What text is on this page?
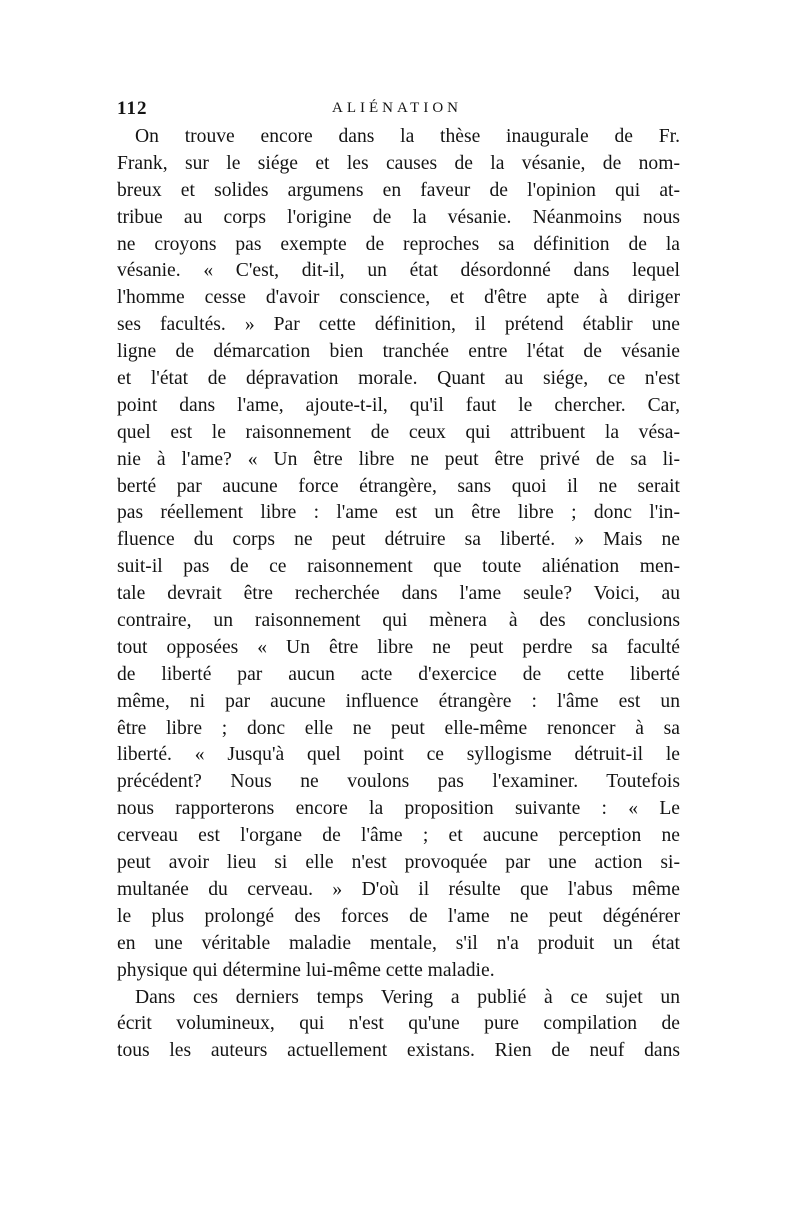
112	ALIÉNATION
On trouve encore dans la thèse inaugurale de Fr.
Frank, sur le siége et les causes de la vésanie, de nom-
breux et solides argumens en faveur de l'opinion qui at-
tribue au corps l'origine de la vésanie. Néanmoins nous
ne croyons pas exempte de reproches sa définition de la
vésanie. « C'est, dit-il, un état désordonné dans lequel
l'homme cesse d'avoir conscience, et d'être apte à diriger
ses facultés. » Par cette définition, il prétend établir une
ligne de démarcation bien tranchée entre l'état de vésanie
et l'état de dépravation morale. Quant au siége, ce n'est
point dans l'ame, ajoute-t-il, qu'il faut le chercher. Car,
quel est le raisonnement de ceux qui attribuent la vésa-
nie à l'ame? « Un être libre ne peut être privé de sa li-
berté par aucune force étrangère, sans quoi il ne serait
pas réellement libre : l'ame est un être libre ; donc l'in-
fluence du corps ne peut détruire sa liberté. » Mais ne
suit-il pas de ce raisonnement que toute aliénation men-
tale devrait être recherchée dans l'ame seule? Voici, au
contraire, un raisonnement qui mènera à des conclusions
tout opposées « Un être libre ne peut perdre sa faculté
de liberté par aucun acte d'exercice de cette liberté
même, ni par aucune influence étrangère : l'âme est un
être libre ; donc elle ne peut elle-même renoncer à sa
liberté. « Jusqu'à quel point ce syllogisme détruit-il le
précédent? Nous ne voulons pas l'examiner. Toutefois
nous rapporterons encore la proposition suivante : « Le
cerveau est l'organe de l'âme ; et aucune perception ne
peut avoir lieu si elle n'est provoquée par une action si-
multanée du cerveau. » D'où il résulte que l'abus même
le plus prolongé des forces de l'ame ne peut dégénérer
en une véritable maladie mentale, s'il n'a produit un état
physique qui détermine lui-même cette maladie.
Dans ces derniers temps Vering a publié à ce sujet un
écrit volumineux, qui n'est qu'une pure compilation de
tous les auteurs actuellement existans. Rien de neuf dans
